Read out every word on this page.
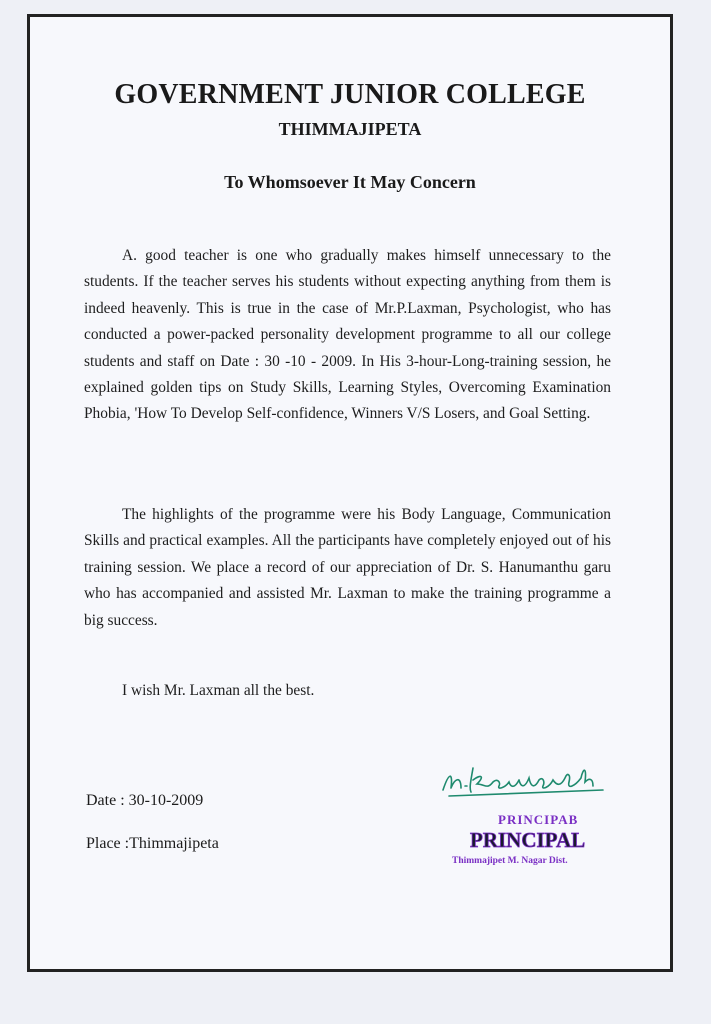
GOVERNMENT JUNIOR COLLEGE
THIMMAJIPETA
To Whomsoever It May Concern
A. good teacher is one who gradually makes himself unnecessary to the students. If the teacher serves his students without expecting anything from them is indeed heavenly. This is true in the case of Mr.P.Laxman, Psychologist, who has conducted a power-packed personality development programme to all our college students and staff on Date : 30 -10 - 2009. In His 3-hour-Long-training session, he explained golden tips on Study Skills, Learning Styles, Overcoming Examination Phobia, 'How To Develop Self-confidence, Winners V/S Losers, and Goal Setting.
The highlights of the programme were his Body Language, Communication Skills and practical examples. All the participants have completely enjoyed out of his training session. We place a record of our appreciation of Dr. S. Hanumanthu garu who has accompanied and assisted Mr. Laxman to make the training programme a big success.
I wish Mr. Laxman all the best.
Date : 30-10-2009
Place :Thimmajipeta
PRINCIPAB
PRINCIPAL
Thimmajipet M. Nagar Dist.
